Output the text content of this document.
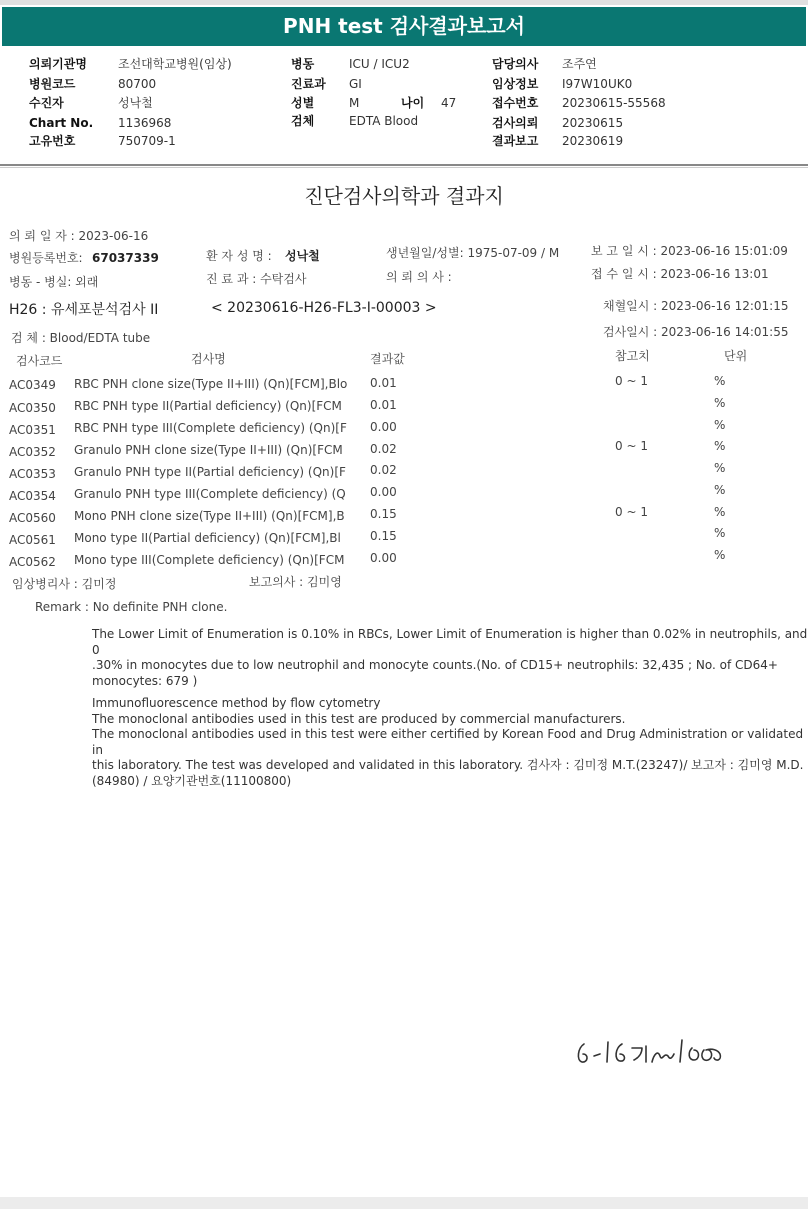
PNH test 검사결과보고서
의뢰기관명	조선대학교병원(임상)
병원코드	80700
수진자	성낙철
Chart No. 1136968
고유번호	750709-1
병동	ICU / ICU2
진료과 GI
성별	M	나이 47
검체	EDTA Blood
담당의사 조주연
임상정보 I97W10UK0
접수번호 20230615-55568
검사의뢰 20230615
결과보고 20230619
진단검사의학과 결과지
의 뢰 일 자 : 2023-06-16
병원등록번호: 67037339
병동 - 병실: 외래
환 자 성 명 : 성낙철
진 료 과 : 수탁검사
생년월일/성별: 1975-07-09 / M
의 뢰 의 사 :
보 고 일 시 : 2023-06-16 15:01:09
접 수 일 시 : 2023-06-16 13:01
채혈일시 : 2023-06-16 12:01:15
검사일시 : 2023-06-16 14:01:55
H26 : 유세포분석검사 II	< 20230616-H26-FL3-I-00003 >
검 체 : Blood/EDTA tube
검사코드	검사명	결과값	참고치	단위
AC0349 RBC PNH clone size(Type II+III) (Qn)[FCM],Blo 0.01	0 ~ 1	%
AC0350 RBC PNH type II(Partial deficiency) (Qn)[FCM 0.01	%
AC0351 RBC PNH type III(Complete deficiency) (Qn)[F 0.00	%
AC0352 Granulo PNH clone size(Type II+III) (Qn)[FCM 0.02	0 ~ 1	%
AC0353 Granulo PNH type II(Partial deficiency) (Qn)[F 0.02	%
AC0354 Granulo PNH type III(Complete deficiency) (Q 0.00	%
AC0560 Mono PNH clone size(Type II+III) (Qn)[FCM],B 0.15	0 ~ 1	%
AC0561 Mono type II(Partial deficiency) (Qn)[FCM],Bl 0.15	%
AC0562 Mono type III(Complete deficiency) (Qn)[FCM 0.00	%
임상병리사 : 김미정	보고의사 : 김미영
Remark : No definite PNH clone.
The Lower Limit of Enumeration is 0.10% in RBCs, Lower Limit of Enumeration is higher than 0.02% in neutrophils, and 0
.30% in monocytes due to low neutrophil and monocyte counts.(No. of CD15+ neutrophils: 32,435 ; No. of CD64+
monocytes: 679 )
Immunofluorescence method by flow cytometry
The monoclonal antibodies used in this test are produced by commercial manufacturers.
The monoclonal antibodies used in this test were either certified by Korean Food and Drug Administration or validated in
this laboratory. The test was developed and validated in this laboratory. 검사자 : 김미정 M.T.(23247)/ 보고자 : 김미영 M.D.
(84980) / 요양기관번호(11100800)
